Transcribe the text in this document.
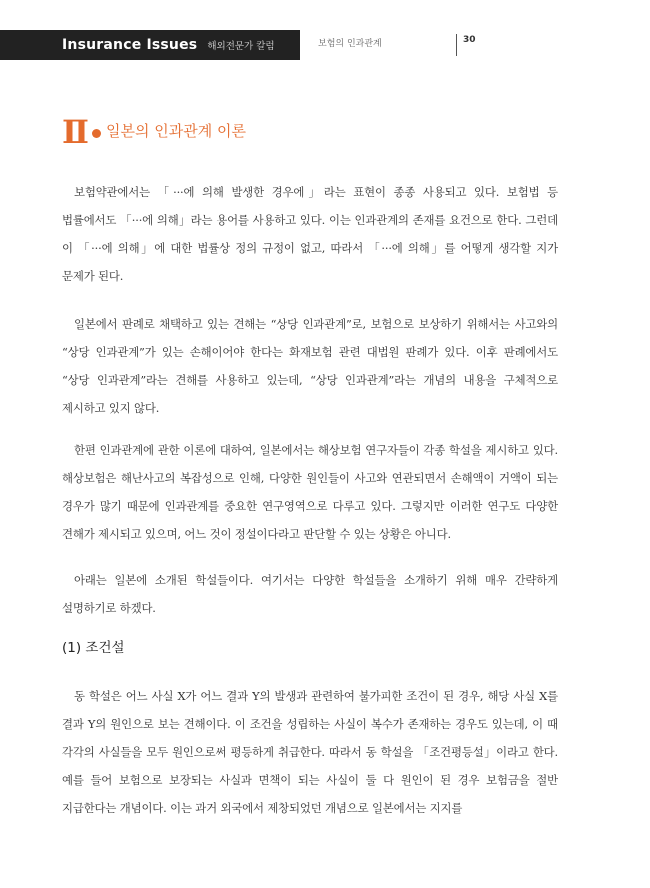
Insurance Issues 해외전문가 칼럼	보험의 인과관계	30
Ⅱ 일본의 인과관계 이론

보험약관에서는 「···에 의해 발생한 경우에」라는 표현이 종종 사용되고 있다. 보험법 등 법률에서도 「···에 의해」라는 용어를 사용하고 있다. 이는 인과관계의 존재를 요건으로 한다. 그런데 이 「···에 의해」에 대한 법률상 정의 규정이 없고, 따라서 「···에 의해」를 어떻게 생각할 지가 문제가 된다.

일본에서 판례로 채택하고 있는 견해는 “상당 인과관계”로, 보험으로 보상하기 위해서는 사고와의 “상당 인과관계”가 있는 손해이어야 한다는 화재보험 관련 대법원 판례가 있다. 이후 판례에서도 “상당 인과관계”라는 견해를 사용하고 있는데, “상당 인과관계”라는 개념의 내용을 구체적으로 제시하고 있지 않다.

한편 인과관계에 관한 이론에 대하여, 일본에서는 해상보험 연구자들이 각종 학설을 제시하고 있다. 해상보험은 해난사고의 복잡성으로 인해, 다양한 원인들이 사고와 연관되면서 손해액이 거액이 되는 경우가 많기 때문에 인과관계를 중요한 연구영역으로 다루고 있다. 그렇지만 이러한 연구도 다양한 견해가 제시되고 있으며, 어느 것이 정설이다라고 판단할 수 있는 상황은 아니다.

아래는 일본에 소개된 학설들이다. 여기서는 다양한 학설들을 소개하기 위해 매우 간략하게 설명하기로 하겠다.

(1) 조건설

동 학설은 어느 사실 X가 어느 결과 Y의 발생과 관련하여 불가피한 조건이 된 경우, 해당 사실 X를 결과 Y의 원인으로 보는 견해이다. 이 조건을 성립하는 사실이 복수가 존재하는 경우도 있는데, 이 때 각각의 사실들을 모두 원인으로써 평등하게 취급한다. 따라서 동 학설을 「조건평등설」이라고 한다. 예를 들어 보험으로 보장되는 사실과 면책이 되는 사실이 둘 다 원인이 된 경우 보험금을 절반 지급한다는 개념이다. 이는 과거 외국에서 제창되었던 개념으로 일본에서는 지지를
